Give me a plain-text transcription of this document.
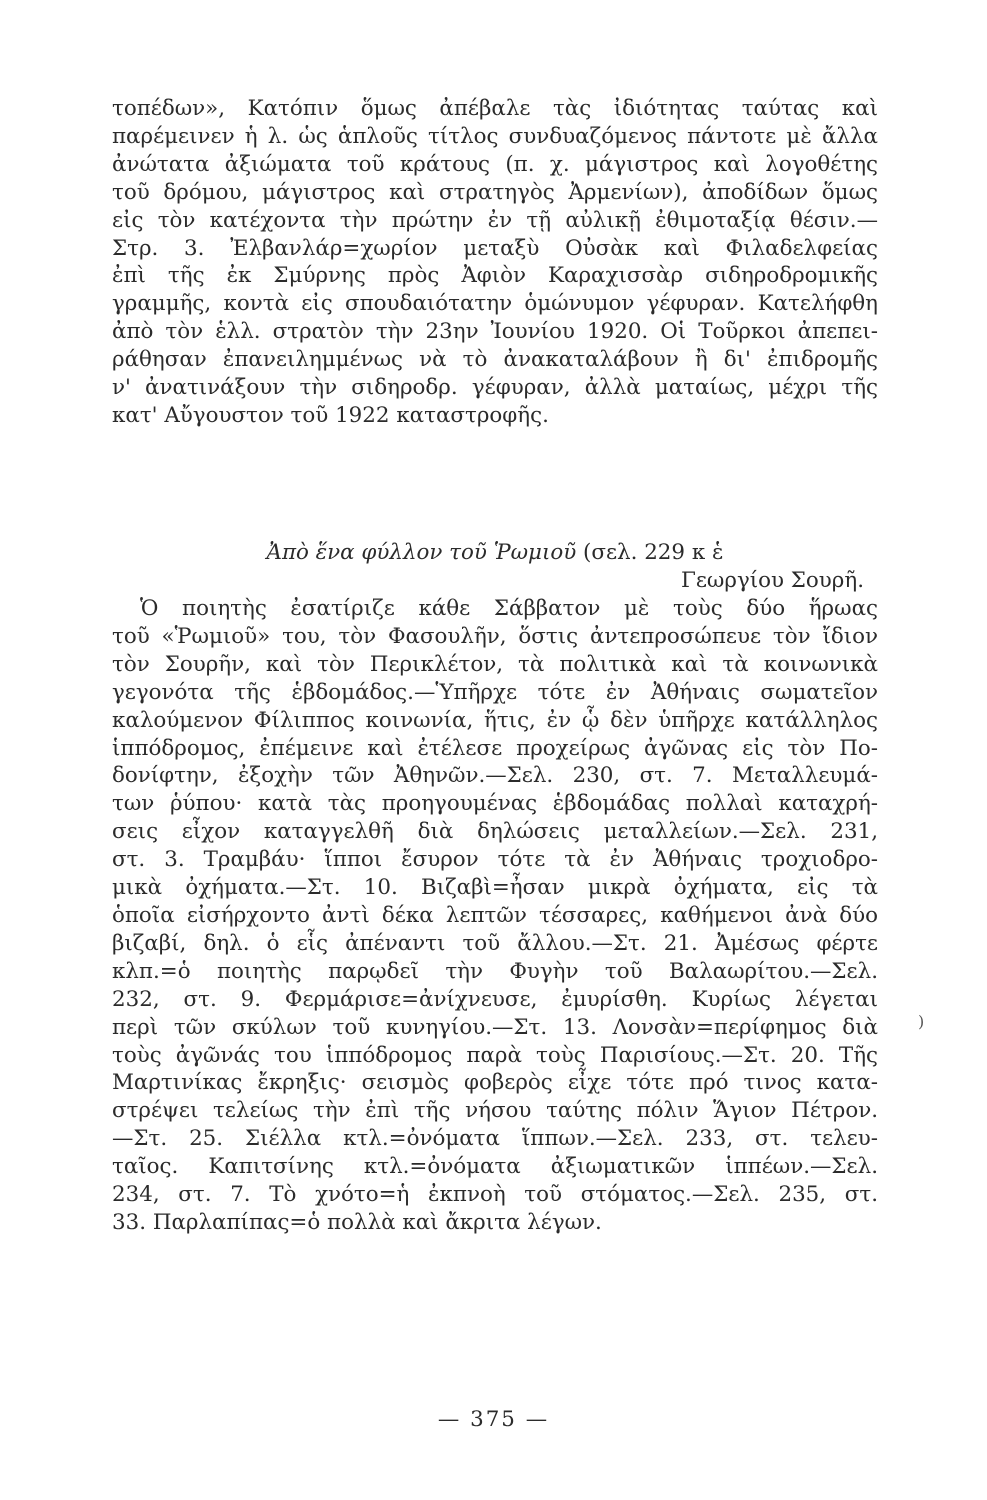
τοπέδων», Κατόπιν ὅμως ἀπέβαλε τὰς ἰδιότητας ταύτας καὶ
παρέμεινεν ἡ λ. ὡς ἁπλοῦς τίτλος συνδυαζόμενος πάντοτε μὲ ἄλλα
ἀνώτατα ἀξιώματα τοῦ κράτους (π. χ. μάγιστρος καὶ λογοθέτης
τοῦ δρόμου, μάγιστρος καὶ στρατηγὸς Ἀρμενίων), ἀποδίδων ὅμως
εἰς τὸν κατέχοντα τὴν πρώτην ἐν τῇ αὐλικῇ ἐθιμοταξίᾳ θέσιν.—
Στρ. 3. Ἐλβανλάρ=χωρίον μεταξὺ Οὐσὰκ καὶ Φιλαδελφείας
ἐπὶ τῆς ἐκ Σμύρνης πρὸς Ἀφιὸν Καραχισσὰρ σιδηροδρομικῆς
γραμμῆς, κοντὰ εἰς σπουδαιότατην ὁμώνυμον γέφυραν. Κατελήφθη
ἀπὸ τὸν ἑλλ. στρατὸν τὴν 23ην Ἰουνίου 1920. Οἱ Τοῦρκοι ἀπεπει-
ράθησαν ἐπανειλημμένως νὰ τὸ ἀνακαταλάβουν ἢ δι' ἐπιδρομῆς
ν' ἀνατινάξουν τὴν σιδηροδρ. γέφυραν, ἀλλὰ ματαίως, μέχρι τῆς
κατ' Αὔγουστον τοῦ 1922 καταστροφῆς.
Ἀπὸ ἕνα φύλλον τοῦ Ῥωμιοῦ (σελ. 229 κ ἑ
Γεωργίου Σουρῆ.
Ὁ ποιητὴς ἐσατίριζε κάθε Σάββατον μὲ τοὺς δύο ἥρωας
τοῦ «Ῥωμιοῦ» του, τὸν Φασουλῆν, ὅστις ἀντεπροσώπευε τὸν ἴδιον
τὸν Σουρῆν, καὶ τὸν Περικλέτον, τὰ πολιτικὰ καὶ τὰ κοινωνικὰ
γεγονότα τῆς ἑβδομάδος.—Ὑπῆρχε τότε ἐν Ἀθήναις σωματεῖον
καλούμενον Φίλιππος κοινωνία, ἥτις, ἐν ᾧ δὲν ὑπῆρχε κατάλληλος
ἱππόδρομος, ἐπέμεινε καὶ ἐτέλεσε προχείρως ἀγῶνας εἰς τὸν Πο-
δονίφτην, ἐξοχὴν τῶν Ἀθηνῶν.—Σελ. 230, στ. 7. Μεταλλευμά-
των ῥύπου· κατὰ τὰς προηγουμένας ἑβδομάδας πολλαὶ καταχρή-
σεις εἶχον καταγγελθῆ διὰ δηλώσεις μεταλλείων.—Σελ. 231,
στ. 3. Τραμβάυ· ἵπποι ἔσυρον τότε τὰ ἐν Ἀθήναις τροχιοδρο-
μικὰ ὀχήματα.—Στ. 10. Βιζαβὶ=ἦσαν μικρὰ ὀχήματα, εἰς τὰ
ὁποῖα εἰσήρχοντο ἀντὶ δέκα λεπτῶν τέσσαρες, καθήμενοι ἀνὰ δύο
βιζαβί, δηλ. ὁ εἷς ἀπέναντι τοῦ ἄλλου.—Στ. 21. Ἀμέσως φέρτε
κλπ.=ὁ ποιητὴς παρῳδεῖ τὴν Φυγὴν τοῦ Βαλαωρίτου.—Σελ.
232, στ. 9. Φερμάρισε=ἀνίχνευσε, ἐμυρίσθη. Κυρίως λέγεται
περὶ τῶν σκύλων τοῦ κυνηγίου.—Στ. 13. Λονσὰν=περίφημος διὰ
τοὺς ἀγῶνάς του ἱππόδρομος παρὰ τοὺς Παρισίους.—Στ. 20. Τῆς
Μαρτινίκας ἔκρηξις· σεισμὸς φοβερὸς εἶχε τότε πρό τινος κατα-
στρέψει τελείως τὴν ἐπὶ τῆς νήσου ταύτης πόλιν Ἅγιον Πέτρον.
—Στ. 25. Σιέλλα κτλ.=ὀνόματα ἵππων.—Σελ. 233, στ. τελευ-
ταῖος. Καπιτσίνης κτλ.=ὀνόματα ἀξιωματικῶν ἱππέων.—Σελ.
234, στ. 7. Τὸ χνότο=ἡ ἐκπνοὴ τοῦ στόματος.—Σελ. 235, στ.
33. Παρλαπίπας=ὁ πολλὰ καὶ ἄκριτα λέγων.
)
— 375 —
